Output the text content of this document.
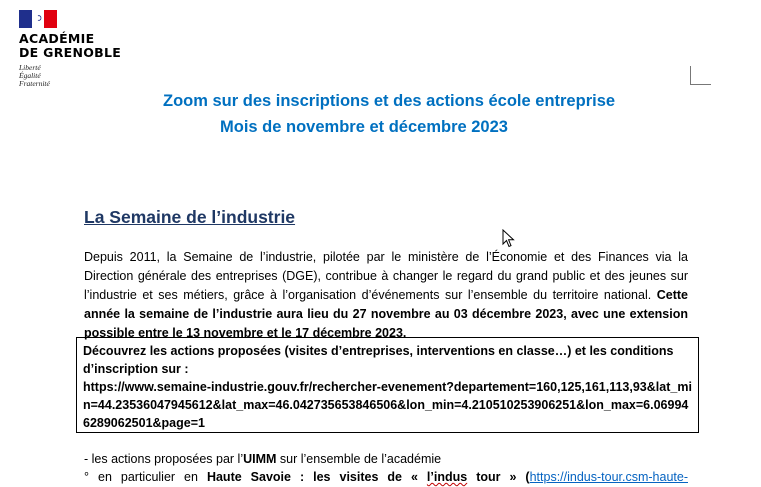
ACADÉMIE
DE GRENOBLE
Liberté
Égalité
Fraternité
Zoom sur des inscriptions et des actions école entreprise
Mois de novembre et décembre 2023
La Semaine de l’industrie
Depuis 2011, la Semaine de l’industrie, pilotée par le ministère de l’Économie et des Finances via la Direction générale des entreprises (DGE), contribue à changer le regard du grand public et des jeunes sur l’industrie et ses métiers, grâce à l’organisation d’événements sur l’ensemble du territoire national. Cette année la semaine de l’industrie aura lieu du 27 novembre au 03 décembre 2023, avec une extension possible entre le 13 novembre et le 17 décembre 2023.
Découvrez les actions proposées (visites d’entreprises, interventions en classe…) et les conditions d’inscription sur :
https://www.semaine-industrie.gouv.fr/rechercher-evenement?departement=160,125,161,113,93&lat_min=44.23536047945612&lat_max=46.042735653846506&lon_min=4.210510253906251&lon_max=6.069946289062501&page=1
- les actions proposées par l’UIMM sur l’ensemble de l’académie
° en particulier en Haute Savoie : les visites de « l’indus tour » (https://indus-tour.csm-haute-
